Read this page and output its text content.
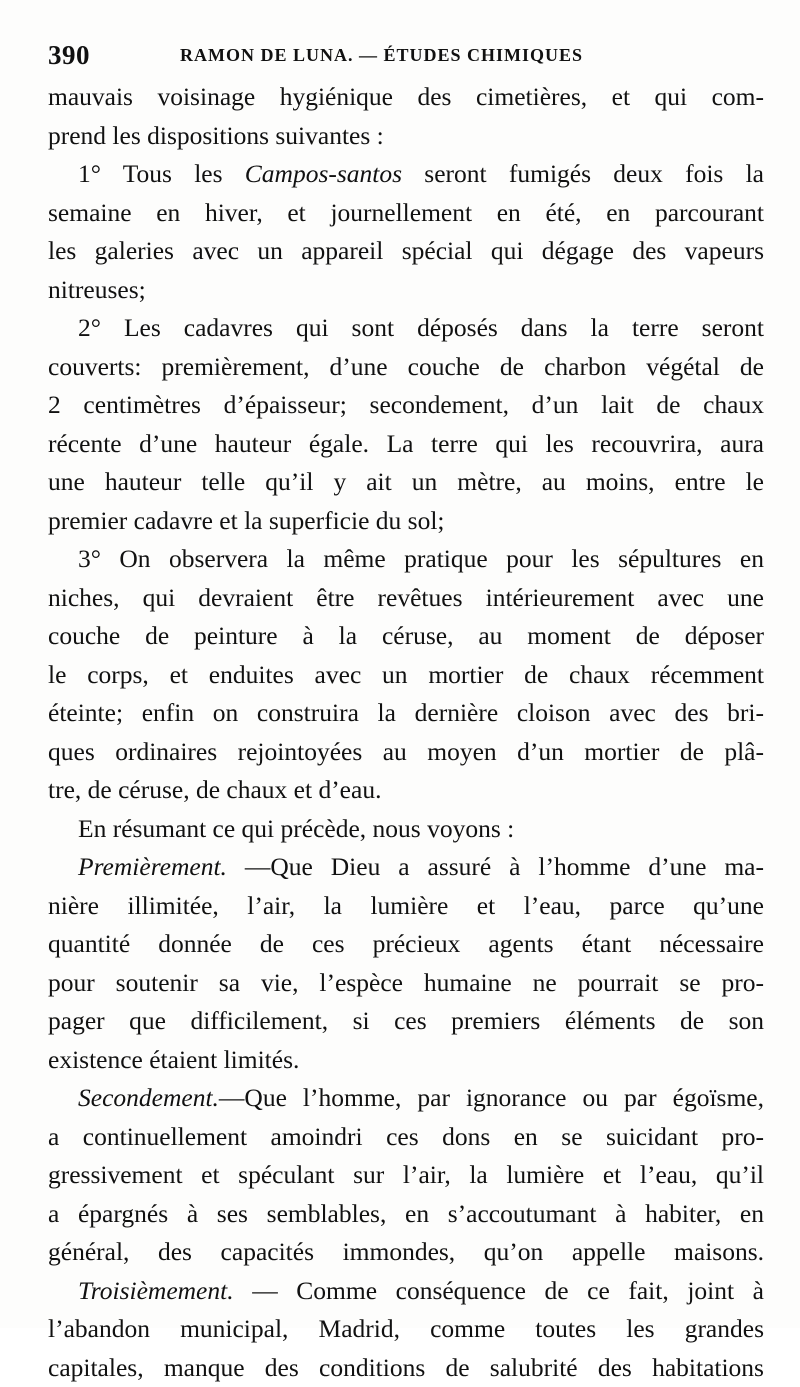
390	RAMON DE LUNA. — ÉTUDES CHIMIQUES
mauvais voisinage hygiénique des cimetières, et qui com-
prend les dispositions suivantes :
1° Tous les Campos-santos seront fumigés deux fois la
semaine en hiver, et journellement en été, en parcourant
les galeries avec un appareil spécial qui dégage des vapeurs
nitreuses;
2° Les cadavres qui sont déposés dans la terre seront
couverts: premièrement, d’une couche de charbon végétal de
2 centimètres d’épaisseur; secondement, d’un lait de chaux
récente d’une hauteur égale. La terre qui les recouvrira, aura
une hauteur telle qu’il y ait un mètre, au moins, entre le
premier cadavre et la superficie du sol;
3° On observera la même pratique pour les sépultures en
niches, qui devraient être revêtues intérieurement avec une
couche de peinture à la céruse, au moment de déposer
le corps, et enduites avec un mortier de chaux récemment
éteinte; enfin on construira la dernière cloison avec des bri-
ques ordinaires rejointoyées au moyen d’un mortier de plâ-
tre, de céruse, de chaux et d’eau.
En résumant ce qui précède, nous voyons :
Premièrement. —Que Dieu a assuré à l’homme d’une ma-
nière illimitée, l’air, la lumière et l’eau, parce qu’une
quantité donnée de ces précieux agents étant nécessaire
pour soutenir sa vie, l’espèce humaine ne pourrait se pro-
pager que difficilement, si ces premiers éléments de son
existence étaient limités.
Secondement.—Que l’homme, par ignorance ou par égoïsme,
a continuellement amoindri ces dons en se suicidant pro-
gressivement et spéculant sur l’air, la lumière et l’eau, qu’il
a épargnés à ses semblables, en s’accoutumant à habiter, en
général, des capacités immondes, qu’on appelle maisons.
Troisièmement. — Comme conséquence de ce fait, joint à
l’abandon municipal, Madrid, comme toutes les grandes
capitales, manque des conditions de salubrité des habitations
